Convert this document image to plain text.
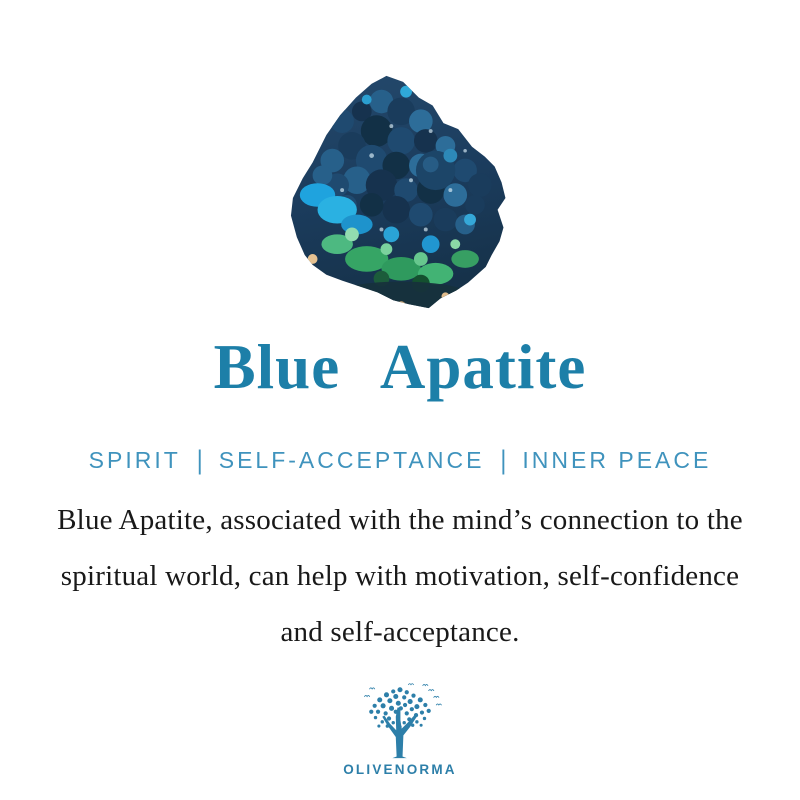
Blue Apatite
SPIRIT | SELF-ACCEPTANCE | INNER PEACE

Blue Apatite, associated with the mind’s connection to the
spiritual world, can help with motivation, self-confidence
and self-acceptance.

OLIVENORMA
